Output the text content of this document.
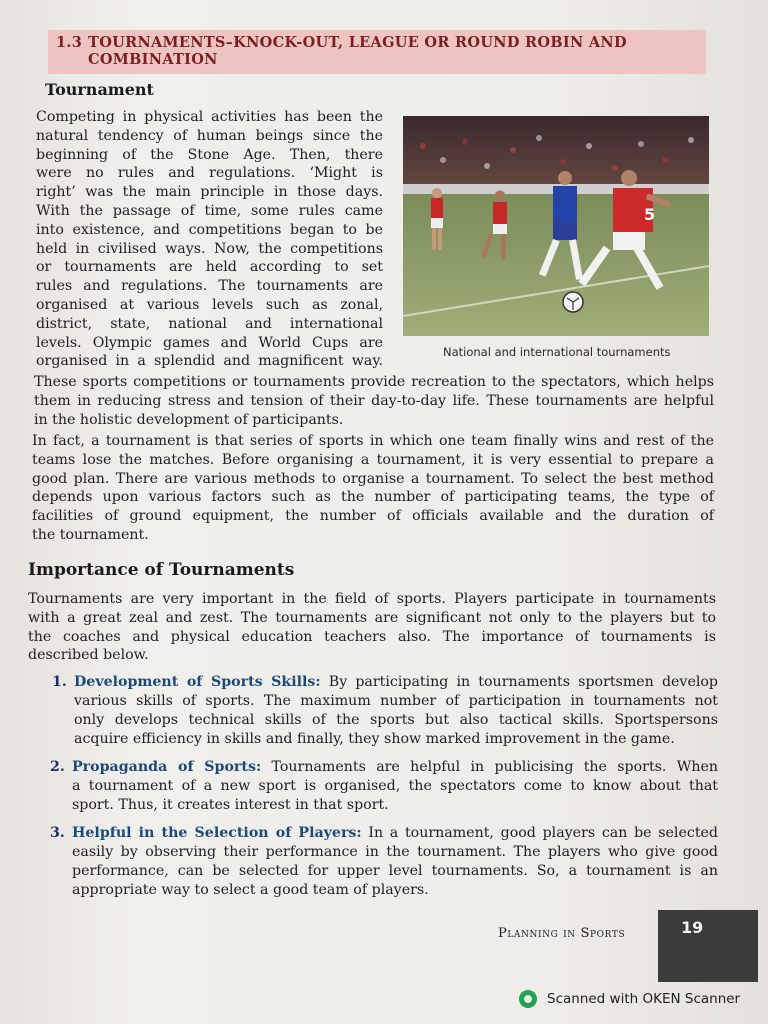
1.3 TOURNAMENTS–KNOCK-OUT, LEAGUE OR ROUND ROBIN AND
COMBINATION
Tournament
Competing in physical activities has been the
natural tendency of human beings since the
beginning of the Stone Age. Then, there
were no rules and regulations. ‘Might is
right’ was the main principle in those days.
With the passage of time, some rules came
into existence, and competitions began to be
held in civilised ways. Now, the competitions
or tournaments are held according to set
rules and regulations. The tournaments are
organised at various levels such as zonal,
district, state, national and international
levels. Olympic games and World Cups are
organised in a splendid and magnificent way.
5
National and international tournaments
These sports competitions or tournaments provide recreation to the spectators, which helps
them in reducing stress and tension of their day-to-day life. These tournaments are helpful
in the holistic development of participants.
In fact, a tournament is that series of sports in which one team finally wins and rest of the
teams lose the matches. Before organising a tournament, it is very essential to prepare a
good plan. There are various methods to organise a tournament. To select the best method
depends upon various factors such as the number of participating teams, the type of
facilities of ground equipment, the number of officials available and the duration of
the tournament.
Importance of Tournaments
Tournaments are very important in the field of sports. Players participate in tournaments
with a great zeal and zest. The tournaments are significant not only to the players but to
the coaches and physical education teachers also. The importance of tournaments is
described below.
1. Development of Sports Skills: By participating in tournaments sportsmen develop
various skills of sports. The maximum number of participation in tournaments not
only develops technical skills of the sports but also tactical skills. Sportspersons
acquire efficiency in skills and finally, they show marked improvement in the game.
2. Propaganda of Sports: Tournaments are helpful in publicising the sports. When
a tournament of a new sport is organised, the spectators come to know about that
sport. Thus, it creates interest in that sport.
3. Helpful in the Selection of Players: In a tournament, good players can be selected
easily by observing their performance in the tournament. The players who give good
performance, can be selected for upper level tournaments. So, a tournament is an
appropriate way to select a good team of players.
Planning in Sports	19
Scanned with OKEN Scanner
